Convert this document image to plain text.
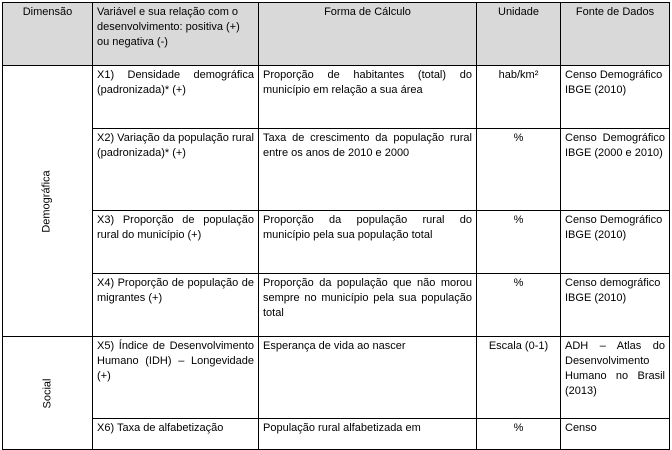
Dimensão	Variável e sua relação com o desenvolvimento: positiva (+) ou negativa (-)	Forma de Cálculo	Unidade	Fonte de Dados
Demográfica	X1) Densidade demográfica (padronizada)* (+)	Proporção de habitantes (total) do município em relação a sua área	hab/km²	Censo Demográfico IBGE (2010)
	X2) Variação da população rural (padronizada)* (+)	Taxa de crescimento da população rural entre os anos de 2010 e 2000	%	Censo Demográfico IBGE (2000 e 2010)
	X3) Proporção de população rural do município (+)	Proporção da população rural do município pela sua população total	%	Censo Demográfico IBGE (2010)
	X4) Proporção de população de migrantes (+)	Proporção da população que não morou sempre no município pela sua população total	%	Censo demográfico IBGE (2010)
Social	X5) Índice de Desenvolvimento Humano (IDH) – Longevidade (+)	Esperança de vida ao nascer	Escala (0-1)	ADH – Atlas do Desenvolvimento Humano no Brasil (2013)
	X6) Taxa de alfabetização	População rural alfabetizada em	%	Censo
